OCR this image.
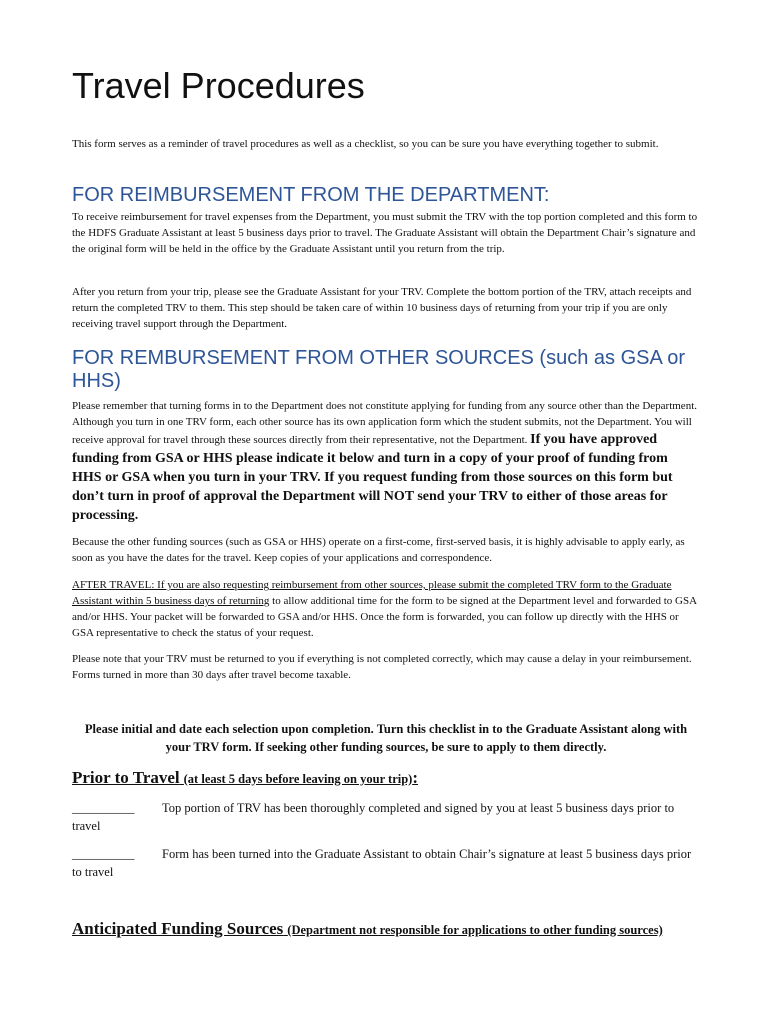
Travel Procedures

This form serves as a reminder of travel procedures as well as a checklist, so you can be sure you have everything together to submit.

FOR REIMBURSEMENT FROM THE DEPARTMENT:

To receive reimbursement for travel expenses from the Department, you must submit the TRV with the top portion completed and this form to the HDFS Graduate Assistant at least 5 business days prior to travel. The Graduate Assistant will obtain the Department Chair’s signature and the original form will be held in the office by the Graduate Assistant until you return from the trip.

After you return from your trip, please see the Graduate Assistant for your TRV. Complete the bottom portion of the TRV, attach receipts and return the completed TRV to them. This step should be taken care of within 10 business days of returning from your trip if you are only receiving travel support through the Department.

FOR REMBURSEMENT FROM OTHER SOURCES (such as GSA or HHS)

Please remember that turning forms in to the Department does not constitute applying for funding from any source other than the Department. Although you turn in one TRV form, each other source has its own application form which the student submits, not the Department. You will receive approval for travel through these sources directly from their representative, not the Department. If you have approved funding from GSA or HHS please indicate it below and turn in a copy of your proof of funding from HHS or GSA when you turn in your TRV. If you request funding from those sources on this form but don’t turn in proof of approval the Department will NOT send your TRV to either of those areas for processing.

Because the other funding sources (such as GSA or HHS) operate on a first-come, first-served basis, it is highly advisable to apply early, as soon as you have the dates for the travel. Keep copies of your applications and correspondence.

AFTER TRAVEL: If you are also requesting reimbursement from other sources, please submit the completed TRV form to the Graduate Assistant within 5 business days of returning to allow additional time for the form to be signed at the Department level and forwarded to GSA and/or HHS. Your packet will be forwarded to GSA and/or HHS. Once the form is forwarded, you can follow up directly with the HHS or GSA representative to check the status of your request.

Please note that your TRV must be returned to you if everything is not completed correctly, which may cause a delay in your reimbursement. Forms turned in more than 30 days after travel become taxable.

Please initial and date each selection upon completion. Turn this checklist in to the Graduate Assistant along with your TRV form. If seeking other funding sources, be sure to apply to them directly.

Prior to Travel (at least 5 days before leaving on your trip):
__________ Top portion of TRV has been thoroughly completed and signed by you at least 5 business days prior to travel
__________ Form has been turned into the Graduate Assistant to obtain Chair’s signature at least 5 business days prior to travel
Anticipated Funding Sources (Department not responsible for applications to other funding sources)
